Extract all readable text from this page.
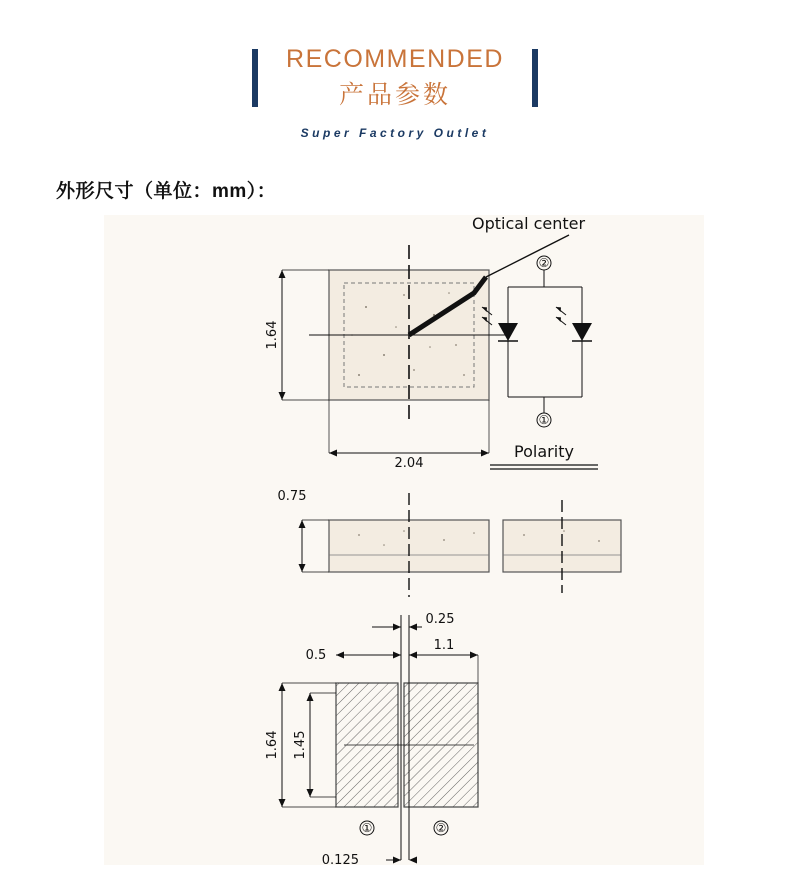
RECOMMENDED
产品参数
Super Factory Outlet
外形尺寸（单位：mm）：
Optical center
1.64
2.04
②
①
Polarity
0.75
0.25
0.5
1.1
1.64 1.45
①	②
0.125
